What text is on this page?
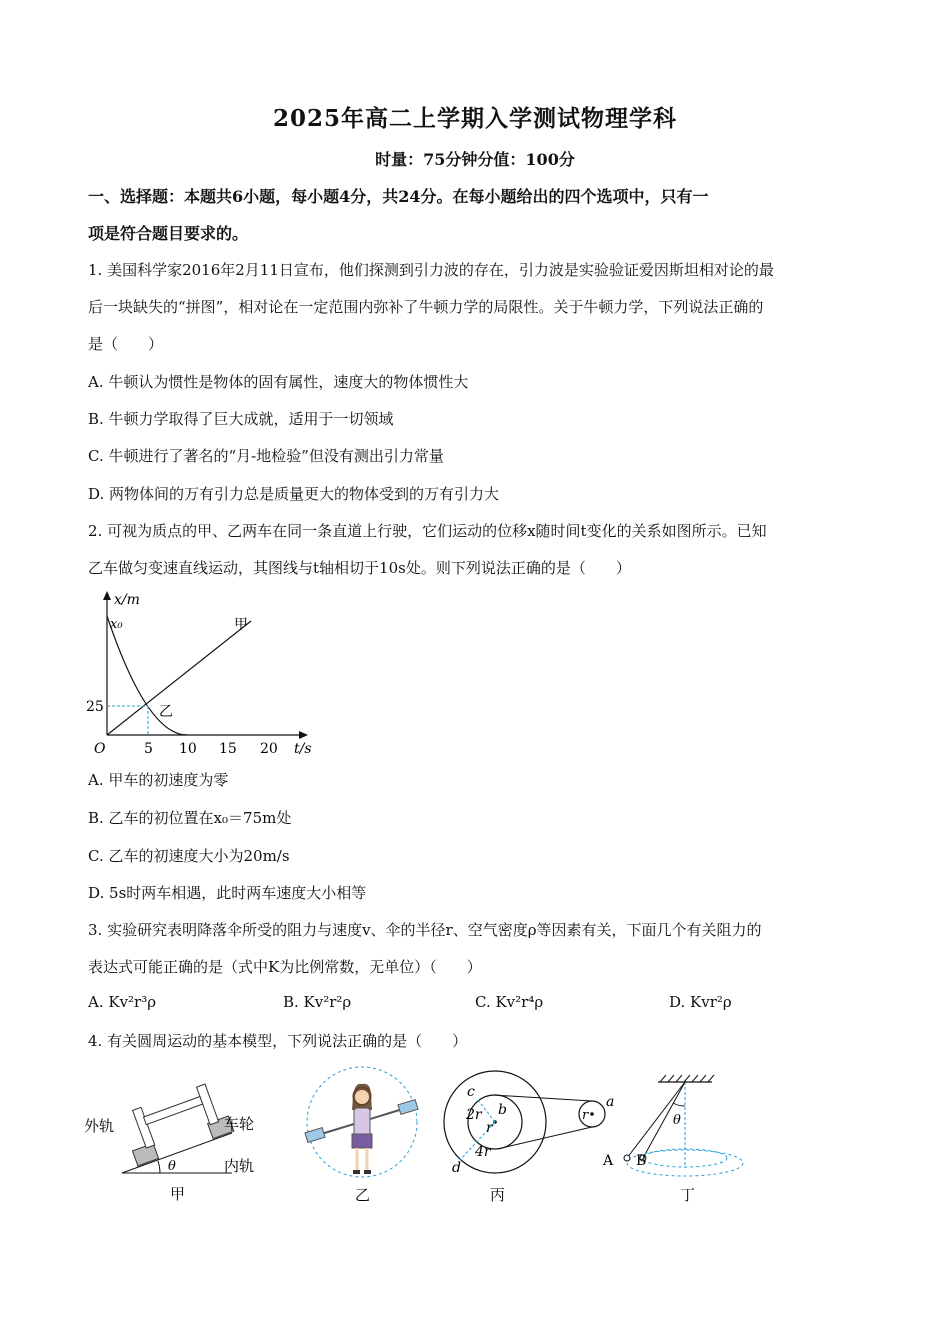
2025年高二上学期入学测试物理学科
时量：75分钟分值：100分
一、选择题：本题共6小题，每小题4分，共24分。在每小题给出的四个选项中，只有一
项是符合题目要求的。
1. 美国科学家2016年2月11日宣布，他们探测到引力波的存在，引力波是实验验证爱因斯坦相对论的最
后一块缺失的“拼图”，相对论在一定范围内弥补了牛顿力学的局限性。关于牛顿力学，下列说法正确的
是（　　）
A. 牛顿认为惯性是物体的固有属性，速度大的物体惯性大
B. 牛顿力学取得了巨大成就，适用于一切领域
C. 牛顿进行了著名的“月-地检验”但没有测出引力常量
D. 两物体间的万有引力总是质量更大的物体受到的万有引力大
2. 可视为质点的甲、乙两车在同一条直道上行驶，它们运动的位移x随时间t变化的关系如图所示。已知
乙车做匀变速直线运动，其图线与t轴相切于10s处。则下列说法正确的是（　　）
x/m
x₀
25
O	5 10 15 20 t/s
甲
乙
A. 甲车的初速度为零
B. 乙车的初位置在x₀＝75m处
C. 乙车的初速度大小为20m/s
D. 5s时两车相遇，此时两车速度大小相等
3. 实验研究表明降落伞所受的阻力与速度v、伞的半径r、空气密度ρ等因素有关，下面几个有关阻力的
表达式可能正确的是（式中K为比例常数，无单位）（　　）
A. Kv²r³ρ	B. Kv²r²ρ	C. Kv²r⁴ρ	D. Kvr²ρ
4. 有关圆周运动的基本模型，下列说法正确的是（　　）
外轨	车轮
内轨
θ
甲	乙
c
b
2r
r
4r
d
a
r
丙
A B
θ
丁
